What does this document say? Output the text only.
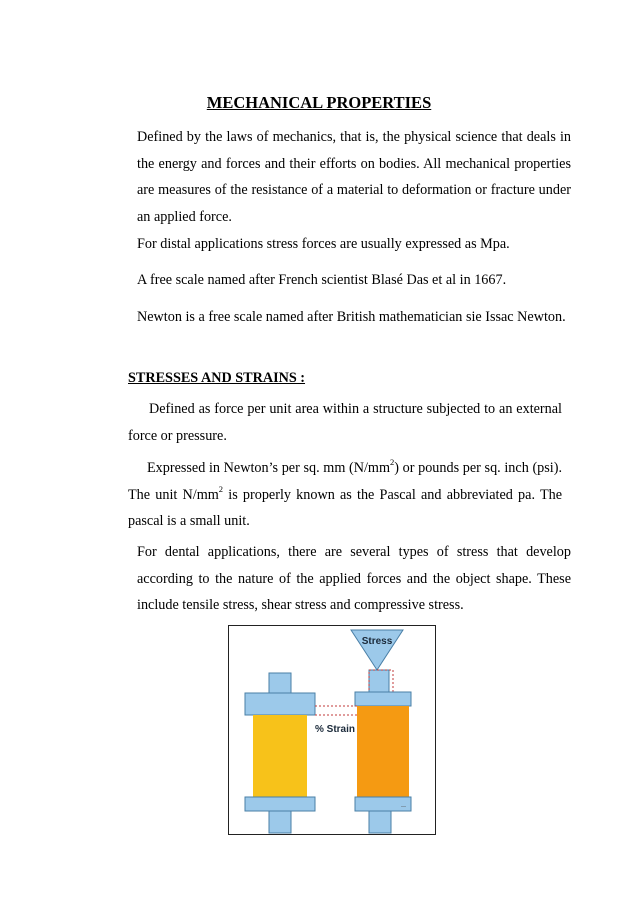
MECHANICAL PROPERTIES
Defined by the laws of mechanics, that is, the physical science that deals in the energy and forces and their efforts on bodies. All mechanical properties are measures of the resistance of a material to deformation or fracture under an applied force.
For distal applications stress forces are usually expressed as Mpa.
A free scale named after French scientist Blasé Das et al in 1667.
Newton is a free scale named after British mathematician sie Issac Newton.
STRESSES AND STRAINS :
Defined as force per unit area within a structure subjected to an external force or pressure.
Expressed in Newton’s per sq. mm $(N/mm^2)$ or pounds per sq. inch (psi). The unit $N/mm^2$ is properly known as the Pascal and abbreviated pa. The pascal is a small unit.
For dental applications, there are several types of stress that develop according to the nature of the applied forces and the object shape. These include tensile stress, shear stress and compressive stress.
Stress
—
% Strain
